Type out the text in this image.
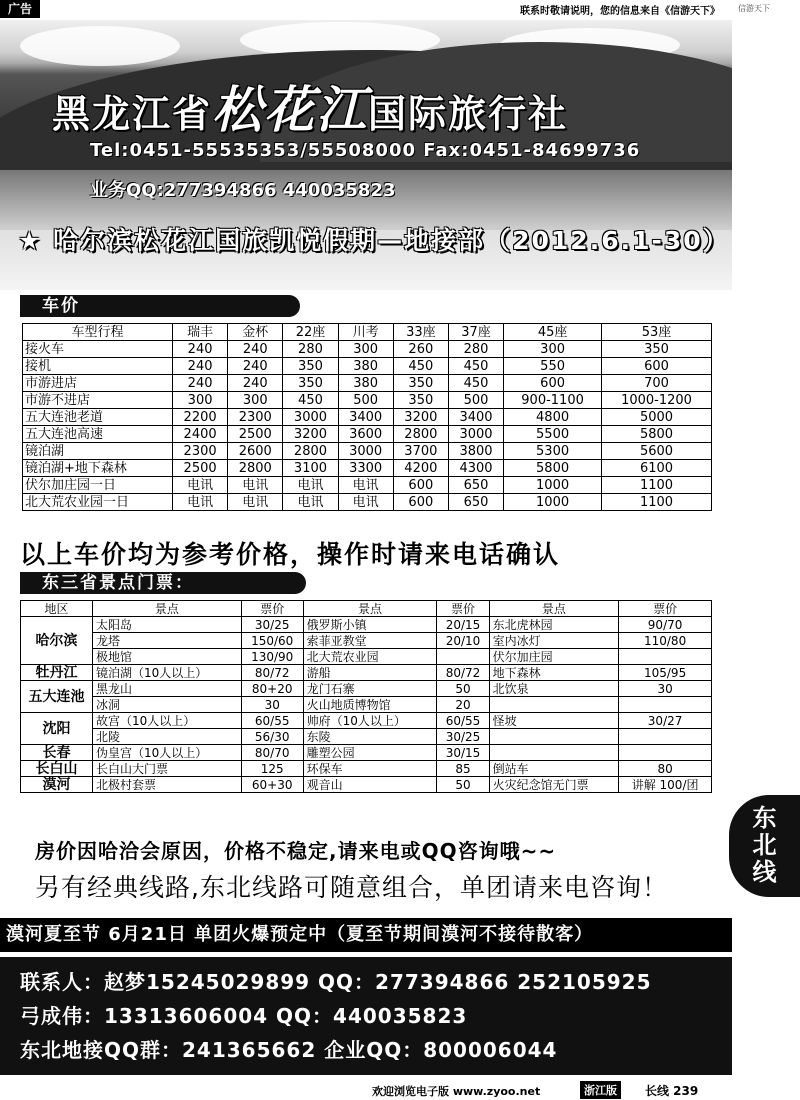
广告	联系时敬请说明，您的信息来自《信游天下》 信游天下
黑龙江省松花江国际旅行社
Tel:0451-55535353/55508000 Fax:0451-84699736
业务QQ:277394866 440035823
★ 哈尔滨松花江国旅凯悦假期—地接部（2012.6.1-30）
车价
车型行程	瑞丰	金杯	22座	川考	33座	37座	45座	53座
接火车	240	240	280	300	260	280	300	350
接机	240	240	350	380	450	450	550	600
市游进店	240	240	350	380	350	450	600	700
市游不进店	300	300	450	500	350	500	900-1100	1000-1200
五大连池老道	2200	2300	3000	3400	3200	3400	4800	5000
五大连池高速	2400	2500	3200	3600	2800	3000	5500	5800
镜泊湖	2300	2600	2800	3000	3700	3800	5300	5600
镜泊湖+地下森林	2500	2800	3100	3300	4200	4300	5800	6100
伏尔加庄园一日	电讯	电讯	电讯	电讯	600	650	1000	1100
北大荒农业园一日	电讯	电讯	电讯	电讯	600	650	1000	1100
以上车价均为参考价格，操作时请来电话确认
东三省景点门票：
地区	景点	票价	景点	票价	景点	票价
哈尔滨	太阳岛	30/25	俄罗斯小镇	20/15	东北虎林园	90/70
	龙塔	150/60	索菲亚教堂	20/10	室内冰灯	110/80
	极地馆	130/90	北大荒农业园		伏尔加庄园	
牡丹江	镜泊湖（10人以上）	80/72	游船	80/72	地下森林	105/95
五大连池	黑龙山	80+20	龙门石寨	50	北饮泉	30
	冰洞	30	火山地质博物馆	20		
沈阳	故宫（10人以上）	60/55	帅府（10人以上）	60/55	怪坡	30/27
	北陵	56/30	东陵	30/25		
长春	伪皇宫（10人以上）	80/70	雕塑公园	30/15		
长白山	长白山大门票	125	环保车	85	倒站车	80
漠河	北极村套票	60+30	观音山	50	火灾纪念馆无门票	讲解 100/团
房价因哈洽会原因，价格不稳定,请来电或QQ咨询哦~~
另有经典线路,东北线路可随意组合，单团请来电咨询！
漠河夏至节 6月21日 单团火爆预定中（夏至节期间漠河不接待散客）
联系人：赵梦15245029899 QQ：277394866 252105925
弓成伟：13313606004 QQ：440035823
东北地接QQ群：241365662 企业QQ：800006044
东
北
线
欢迎浏览电子版 www.zyoo.net	浙江版	长线 239
